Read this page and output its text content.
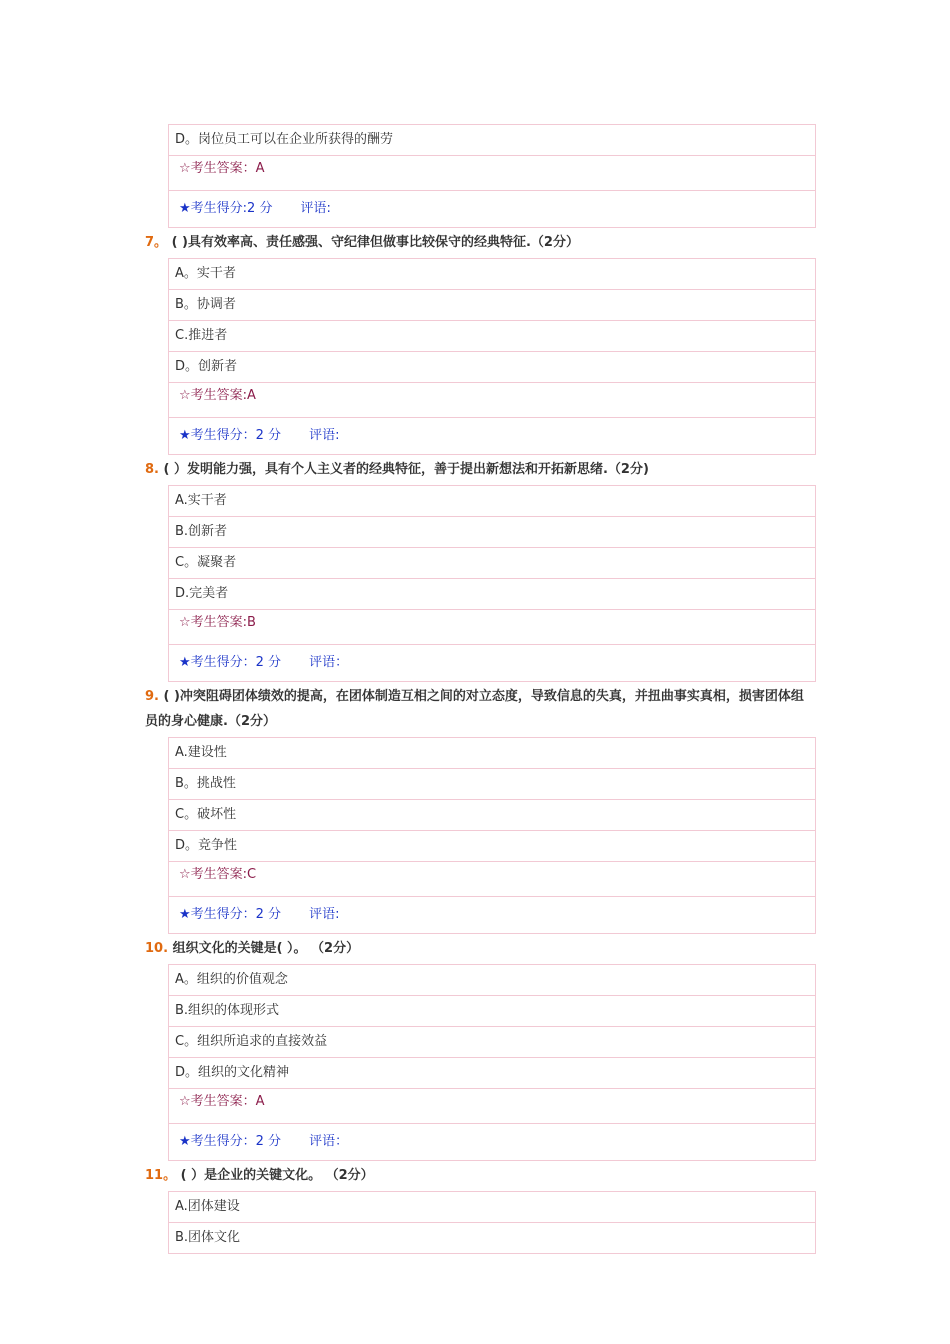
D。岗位员工可以在企业所获得的酬劳
☆考生答案：A
★考生得分:2 分 评语:
7。 ( )具有效率高、责任感强、守纪律但做事比较保守的经典特征.（2分）
A。实干者
B。协调者
C.推进者
D。创新者
☆考生答案:A
★考生得分：2 分 评语:
8. ( ）发明能力强，具有个人主义者的经典特征，善于提出新想法和开拓新思绪.（2分)
A.实干者
B.创新者
C。凝聚者
D.完美者
☆考生答案:B
★考生得分：2 分 评语：
9. ( )冲突阻碍团体绩效的提高，在团体制造互相之间的对立态度，导致信息的失真，并扭曲事实真相，损害团体组员的身心健康.（2分）
A.建设性
B。挑战性
C。破坏性
D。竞争性
☆考生答案:C
★考生得分：2 分 评语:
10. 组织文化的关键是( ）。 （2分）
A。组织的价值观念
B.组织的体现形式
C。组织所追求的直接效益
D。组织的文化精神
☆考生答案：A
★考生得分：2 分 评语：
11。 ( ）是企业的关键文化。 （2分）
A.团体建设
B.团体文化
